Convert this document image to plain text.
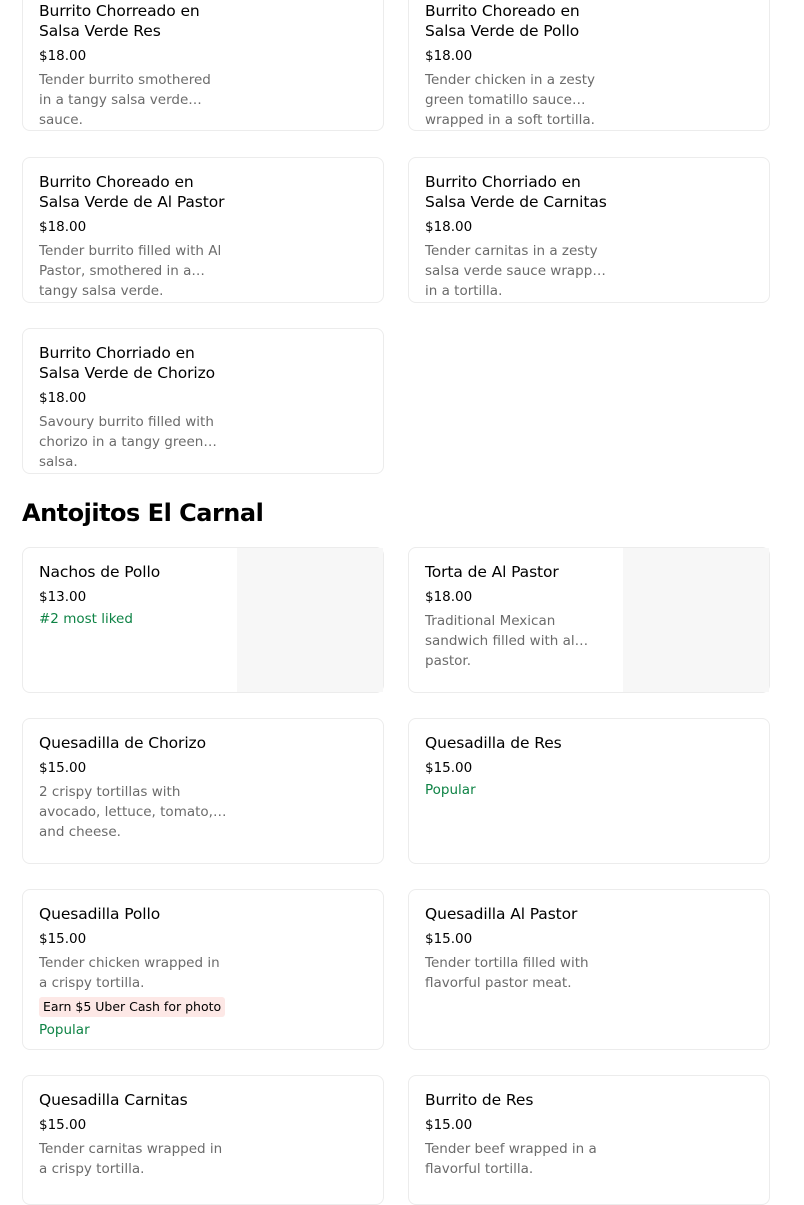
Burrito Chorreado en Salsa Verde Res
$18.00
Tender burrito smothered in a tangy salsa verde sauce.
Burrito Choreado en Salsa Verde de Pollo
$18.00
Tender chicken in a zesty green tomatillo sauce wrapped in a soft tortilla.
Burrito Choreado en Salsa Verde de Al Pastor
$18.00
Tender burrito filled with Al Pastor, smothered in a tangy salsa verde.
Burrito Chorriado en Salsa Verde de Carnitas
$18.00
Tender carnitas in a zesty salsa verde sauce wrapped in a tortilla.
Burrito Chorriado en Salsa Verde de Chorizo
$18.00
Savoury burrito filled with chorizo in a tangy green salsa.
Antojitos El Carnal
Nachos de Pollo
$13.00
#2 most liked
Torta de Al Pastor
$18.00
Traditional Mexican sandwich filled with al pastor.
Quesadilla de Chorizo
$15.00
2 crispy tortillas with avocado, lettuce, tomato, and cheese.
Quesadilla de Res
$15.00
Popular
Quesadilla Pollo
$15.00
Tender chicken wrapped in a crispy tortilla.
Earn $5 Uber Cash for photo
Popular
Quesadilla Al Pastor
$15.00
Tender tortilla filled with flavorful pastor meat.
Quesadilla Carnitas
$15.00
Tender carnitas wrapped in a crispy tortilla.
Burrito de Res
$15.00
Tender beef wrapped in a flavorful tortilla.
